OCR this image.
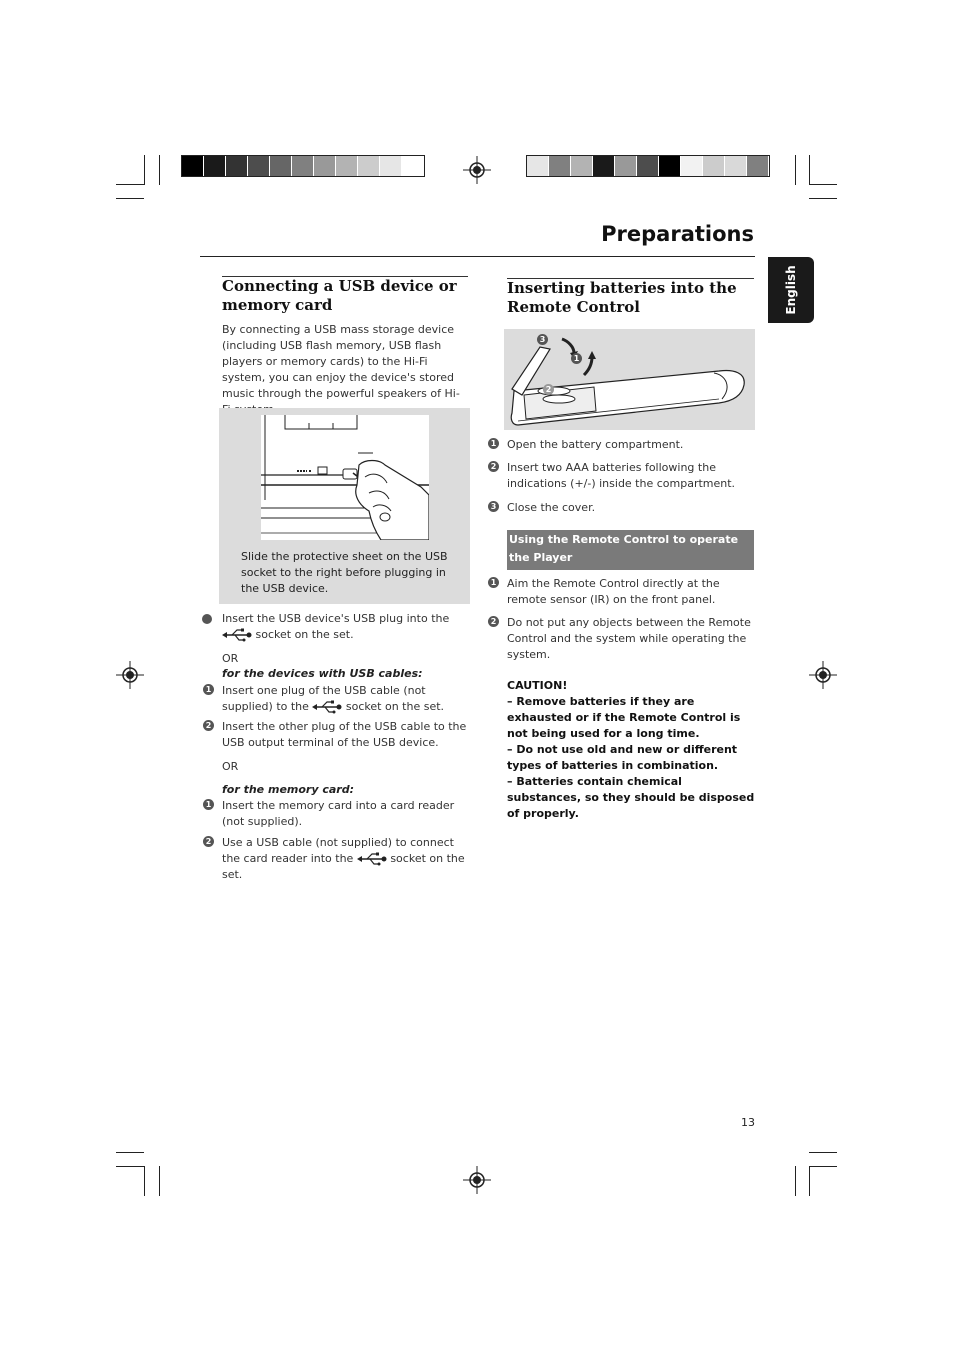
Preparations
English
Connecting a USB device or memory card

By connecting a USB mass storage device (including USB flash memory, USB flash players or memory cards) to the Hi-Fi system, you can enjoy the device's stored music through the powerful speakers of Hi-

Slide the protective sheet on the USB socket to the right before plugging in the USB device.

Insert the USB device's USB plug into the  socket on the set.

OR

for the devices with USB cables:

1 Insert one plug of the USB cable (not supplied) to the	socket on the set.

2 Insert the other plug of the USB cable to the USB output terminal of the USB device.

OR

for the memory card:

1 Insert the memory card into a card reader (not supplied).

2 Use a USB cable (not supplied) to connect the card reader into the	socket on the set.

Inserting batteries into the Remote Control
3
1
2
1 Open the battery compartment.

2 Insert two AAA batteries following the indications (+/-) inside the compartment.

3 Close the cover.

Using the Remote Control to operate the Player
1 Aim the Remote Control directly at the remote sensor (IR) on the front panel.

2 Do not put any objects between the Remote Control and the system while operating the system.

CAUTION!

– Remove batteries if they are exhausted or if the Remote Control is not being used for a long time.

– Do not use old and new or different types of batteries in combination.

– Batteries contain chemical substances, so they should be disposed of properly.

13
